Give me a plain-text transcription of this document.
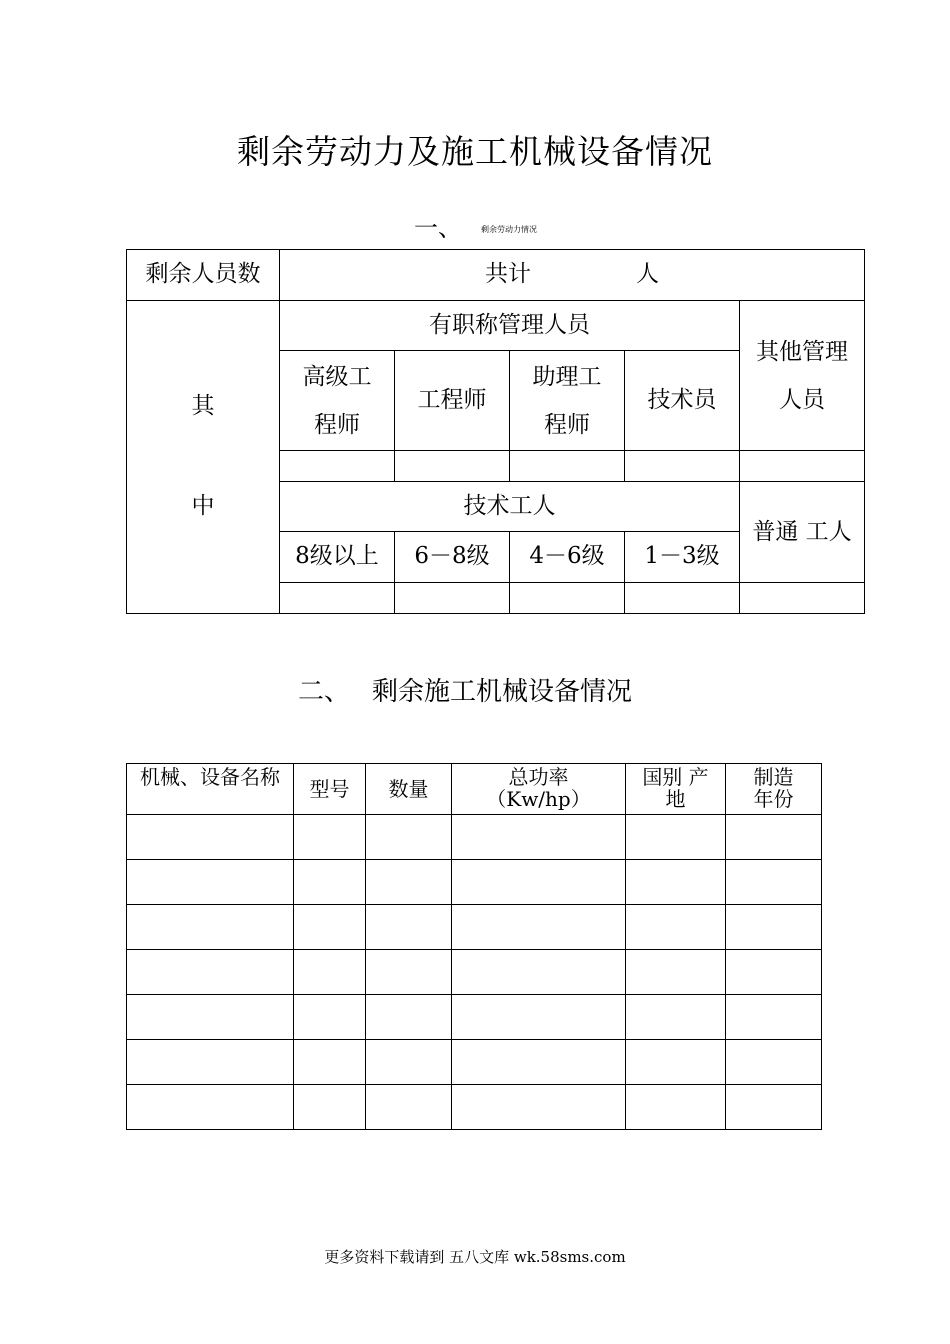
剩余劳动力及施工机械设备情况
一、 剩余劳动力情况
剩余人员数	共计 人				

其
中	有职称管理人员				其他管理人员
	高级工程师	工程师	助理工程师	技术员	

	技术工人				普通 工人
	8级以上	6－8级	4－6级	1－3级	

二、 剩余施工机械设备情况
机械、设备名称	型号	数量	总功率（Kw/hp）	国别 产地	制造年份

更多资料下载请到 五八文库 wk.58sms.com
